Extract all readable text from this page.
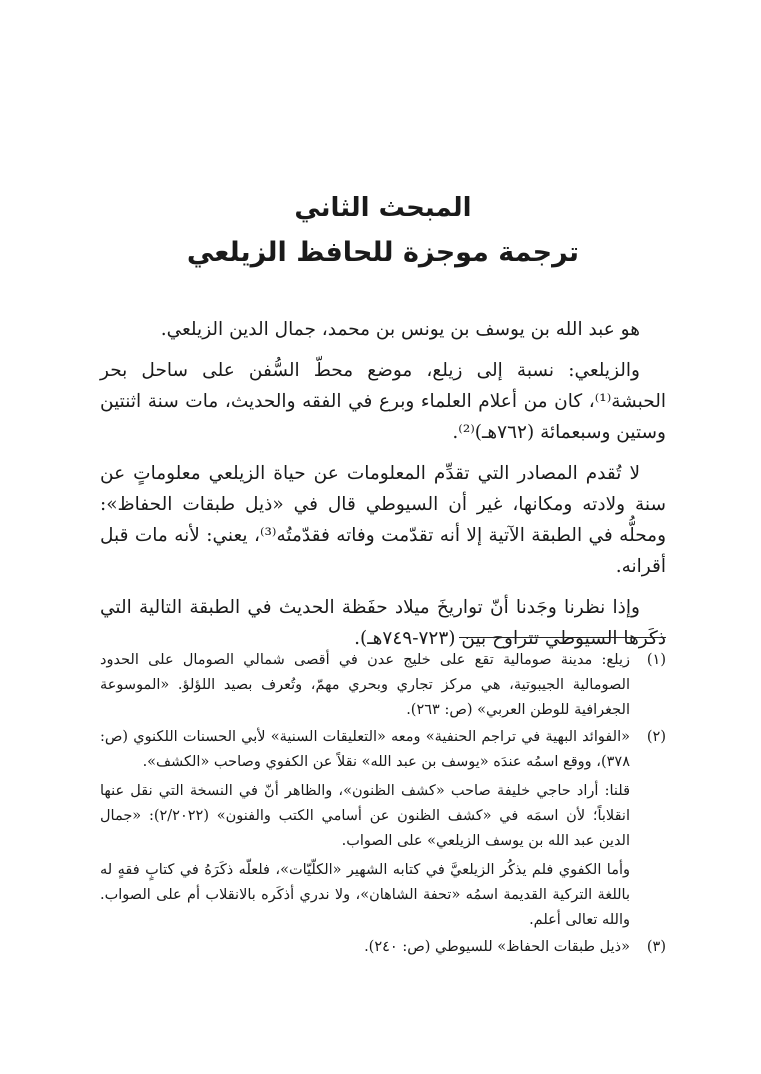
المبحث الثاني
ترجمة موجزة للحافظ الزيلعي

هو عبد الله بن يوسف بن يونس بن محمد، جمال الدين الزيلعي.

والزيلعي: نسبة إلى زيلع، موضع محطّ السُّفن على ساحل بحر الحبشة⁽¹⁾، كان من أعلام العلماء وبرع في الفقه والحديث، مات سنة اثنتين وستين وسبعمائة (٧٦٢هـ)⁽²⁾.

لا تُقدم المصادر التي تقدِّم المعلومات عن حياة الزيلعي معلوماتٍ عن سنة ولادته ومكانها، غير أن السيوطي قال في «ذيل طبقات الحفاظ»: ومحلُّه في الطبقة الآتية إلا أنه تقدّمت وفاته فقدّمتُه⁽³⁾، يعني: لأنه مات قبل أقرانه.

وإذا نظرنا وجَدنا أنّ تواريخَ ميلاد حفَظة الحديث في الطبقة التالية التي ذكَرها السيوطي تتراوح بين (٧٢٣-٧٤٩هـ).

(١)
زيلع: مدينة صومالية تقع على خليج عدن في أقصى شمالي الصومال على الحدود الصومالية الجيبوتية، هي مركز تجاري وبحري مهمّ، وتُعرف بصيد اللؤلؤ. «الموسوعة الجغرافية للوطن العربي» (ص: ٢٦٣).
(٢)
«الفوائد البهية في تراجم الحنفية» ومعه «التعليقات السنية» لأبي الحسنات اللكنوي (ص: ٣٧٨)، ووقع اسمُه عندَه «يوسف بن عبد الله» نقلاً عن الكفوي وصاحب «الكشف».

قلنا: أراد حاجي خليفة صاحب «كشف الظنون»، والظاهر أنّ في النسخة التي نقل عنها انقلاباً؛ لأن اسمَه في «كشف الظنون عن أسامي الكتب والفنون» (٢/٢٠٢٢): «جمال الدين عبد الله بن يوسف الزيلعي» على الصواب.

وأما الكفوي فلم يذكُر الزيلعيَّ في كتابه الشهير «الكلّيّات»، فلعلّه ذكَرَهُ في كتابٍ فقهٍ له باللغة التركية القديمة اسمُه «تحفة الشاهان»، ولا ندري أذكَره بالانقلاب أم على الصواب. والله تعالى أعلم.

(٣)
«ذيل طبقات الحفاظ» للسيوطي (ص: ٢٤٠).
